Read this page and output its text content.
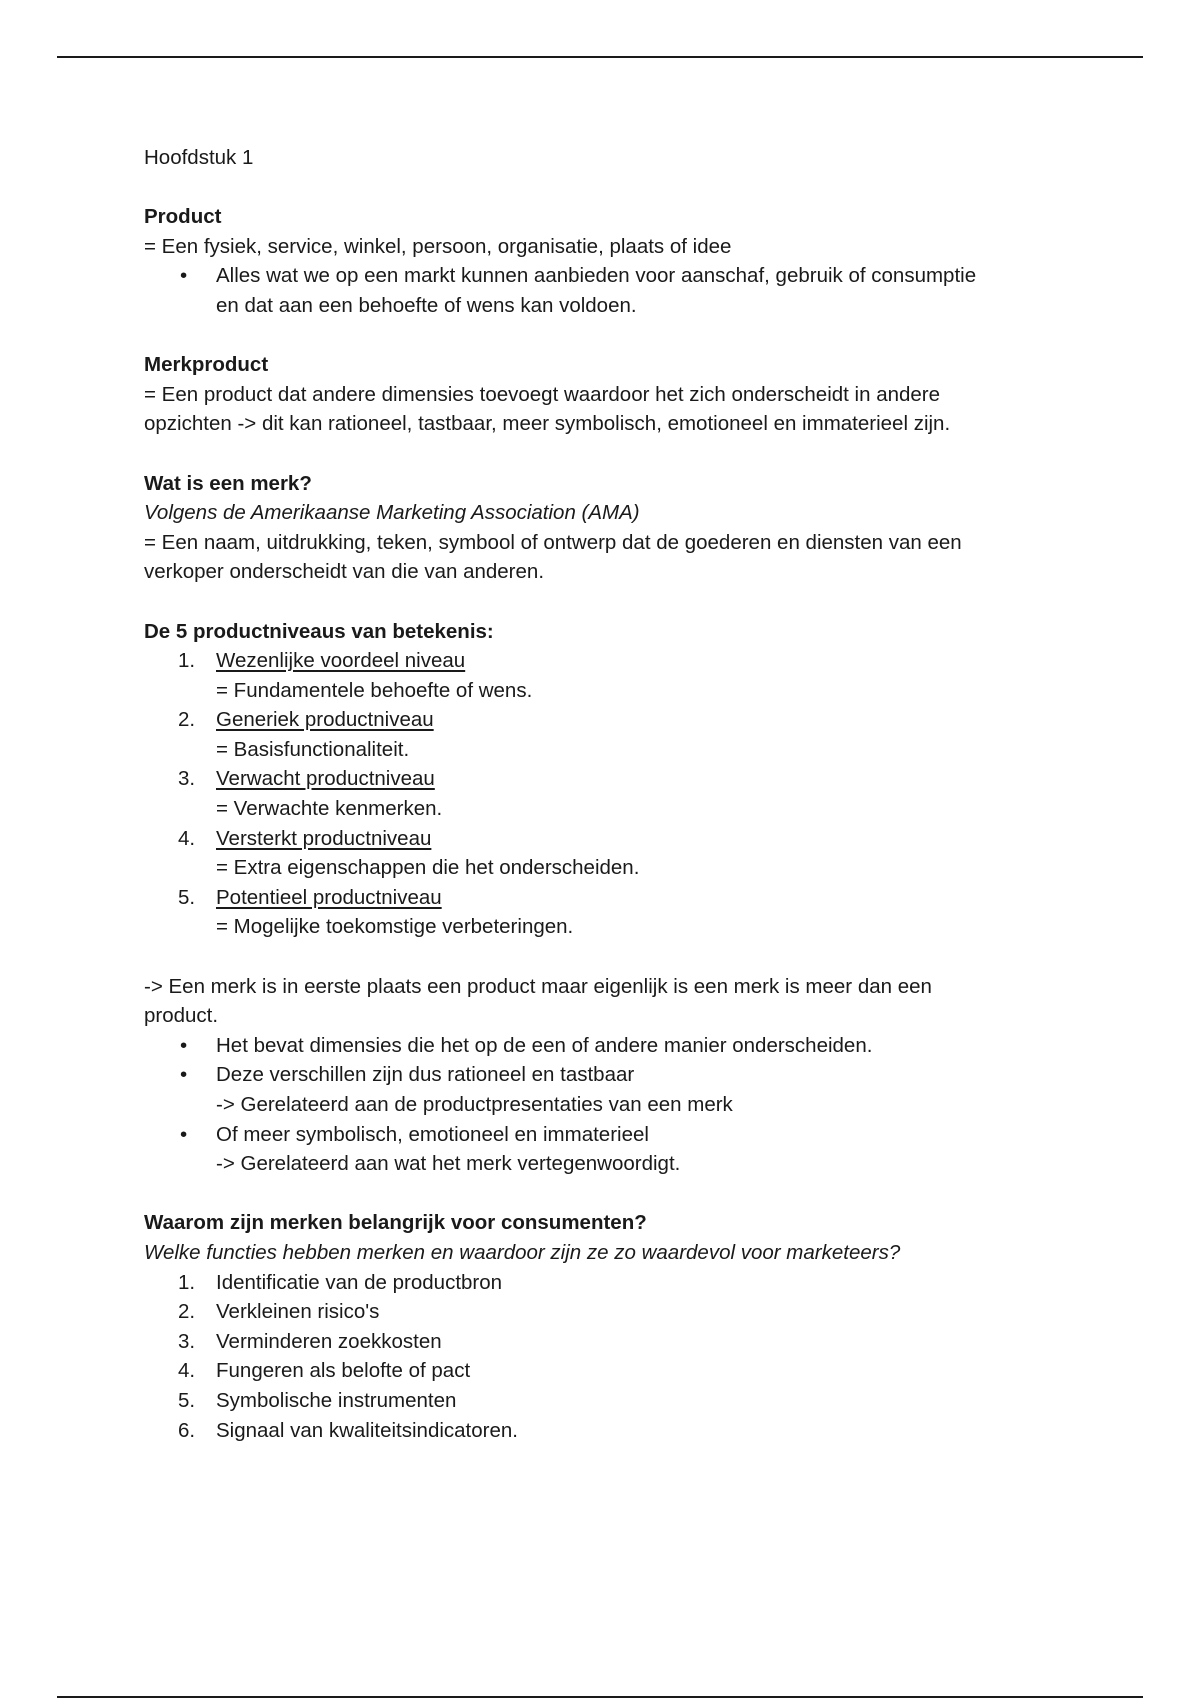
Hoofdstuk 1

Product

= Een fysiek, service, winkel, persoon, organisatie, plaats of idee

• Alles wat we op een markt kunnen aanbieden voor aanschaf, gebruik of consumptie
en dat aan een behoefte of wens kan voldoen.

Merkproduct

= Een product dat andere dimensies toevoegt waardoor het zich onderscheidt in andere

opzichten -> dit kan rationeel, tastbaar, meer symbolisch, emotioneel en immaterieel zijn.

Wat is een merk?

Volgens de Amerikaanse Marketing Association (AMA)

= Een naam, uitdrukking, teken, symbool of ontwerp dat de goederen en diensten van een

verkoper onderscheidt van die van anderen.

De 5 productniveaus van betekenis:

1. Wezenlijke voordeel niveau
= Fundamentele behoefte of wens.
2. Generiek productniveau
= Basisfunctionaliteit.
3. Verwacht productniveau
= Verwachte kenmerken.
4. Versterkt productniveau
= Extra eigenschappen die het onderscheiden.
5. Potentieel productniveau
= Mogelijke toekomstige verbeteringen.

-> Een merk is in eerste plaats een product maar eigenlijk is een merk is meer dan een

product.

• Het bevat dimensies die het op de een of andere manier onderscheiden.
• Deze verschillen zijn dus rationeel en tastbaar
-> Gerelateerd aan de productpresentaties van een merk
• Of meer symbolisch, emotioneel en immaterieel
-> Gerelateerd aan wat het merk vertegenwoordigt.

Waarom zijn merken belangrijk voor consumenten?

Welke functies hebben merken en waardoor zijn ze zo waardevol voor marketeers?

1. Identificatie van de productbron
2. Verkleinen risico's
3. Verminderen zoekkosten
4. Fungeren als belofte of pact
5. Symbolische instrumenten
6. Signaal van kwaliteitsindicatoren.
